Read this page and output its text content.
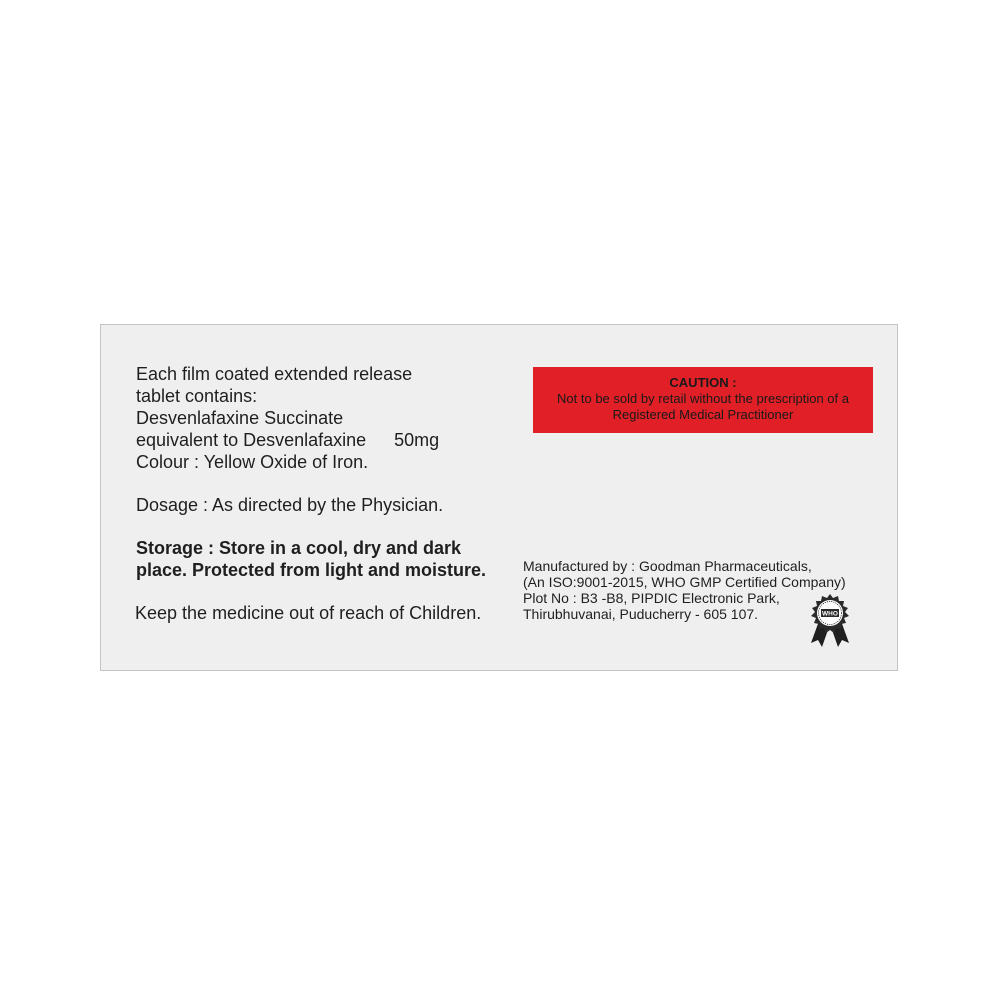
Each film coated extended release
tablet contains:
Desvenlafaxine Succinate
equivalent to Desvenlafaxine 50mg
Colour : Yellow Oxide of Iron.
Dosage : As directed by the Physician.
Storage : Store in a cool, dry and dark
place. Protected from light and moisture.
Keep the medicine out of reach of Children.
CAUTION :
Not to be sold by retail without the prescription of a
Registered Medical Practitioner
Manufactured by : Goodman Pharmaceuticals,
(An ISO:9001-2015, WHO GMP Certified Company)
Plot No : B3 -B8, PIPDIC Electronic Park,
Thirubhuvanai, Puducherry - 605 107.	WHO
